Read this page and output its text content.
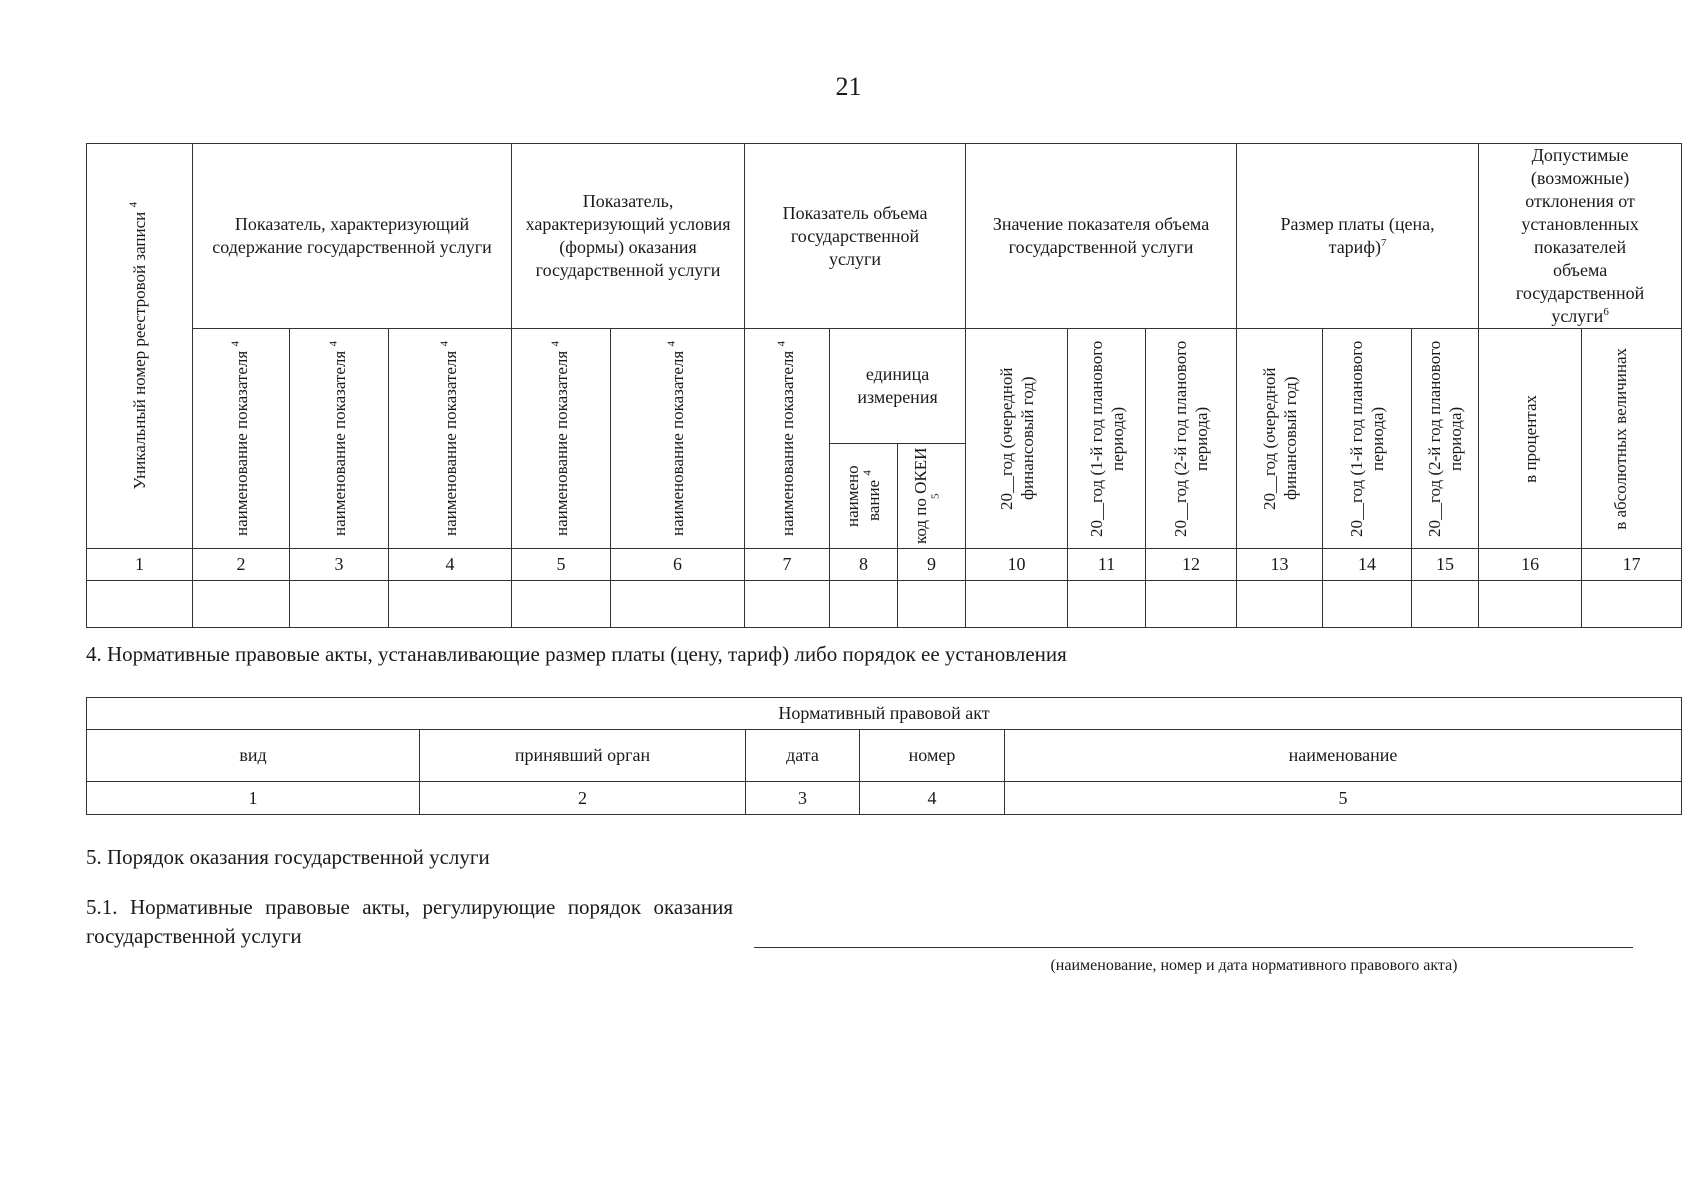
21
Уникальный номер реестровой записи $^4$	Показатель, характеризующий содержание государственной услуги			Показатель, характеризующий условия (формы) оказания государственной услуги		Показатель объема государственной услуги			Значение показателя объема государственной услуги			Размер платы (цена, тариф)$^7$			Допустимые (возможные) отклонения от установленных показателей объема государственной услуги$^6$

	наименование показателя $^4$	наименование показателя $^4$	наименование показателя $^4$	наименование показателя $^4$	наименование показателя $^4$	наименование показателя $^4$	единица измерения		20__год (очередной финансовый год)	20__год (1-й год планового периода)	20__год (2-й год планового периода)	20__год (очередной финансовый год)	20__год (1-й год планового периода)	20__год (2-й год планового периода)	в процентах	в абсолютных величинах

							наимено вание $^4$	код по ОКЕИ $^5$

1	2	3	4	5	6	7	8	9	10	11	12	13	14	15	16	17

4. Нормативные правовые акты, устанавливающие размер платы (цену, тариф) либо порядок ее установления
Нормативный правовой акт				
вид	принявший орган	дата	номер	наименование
1	2	3	4	5
5. Порядок оказания государственной услуги
5.1. Нормативные правовые акты, регулирующие порядок оказания государственной услуги
(наименование, номер и дата нормативного правового акта)
